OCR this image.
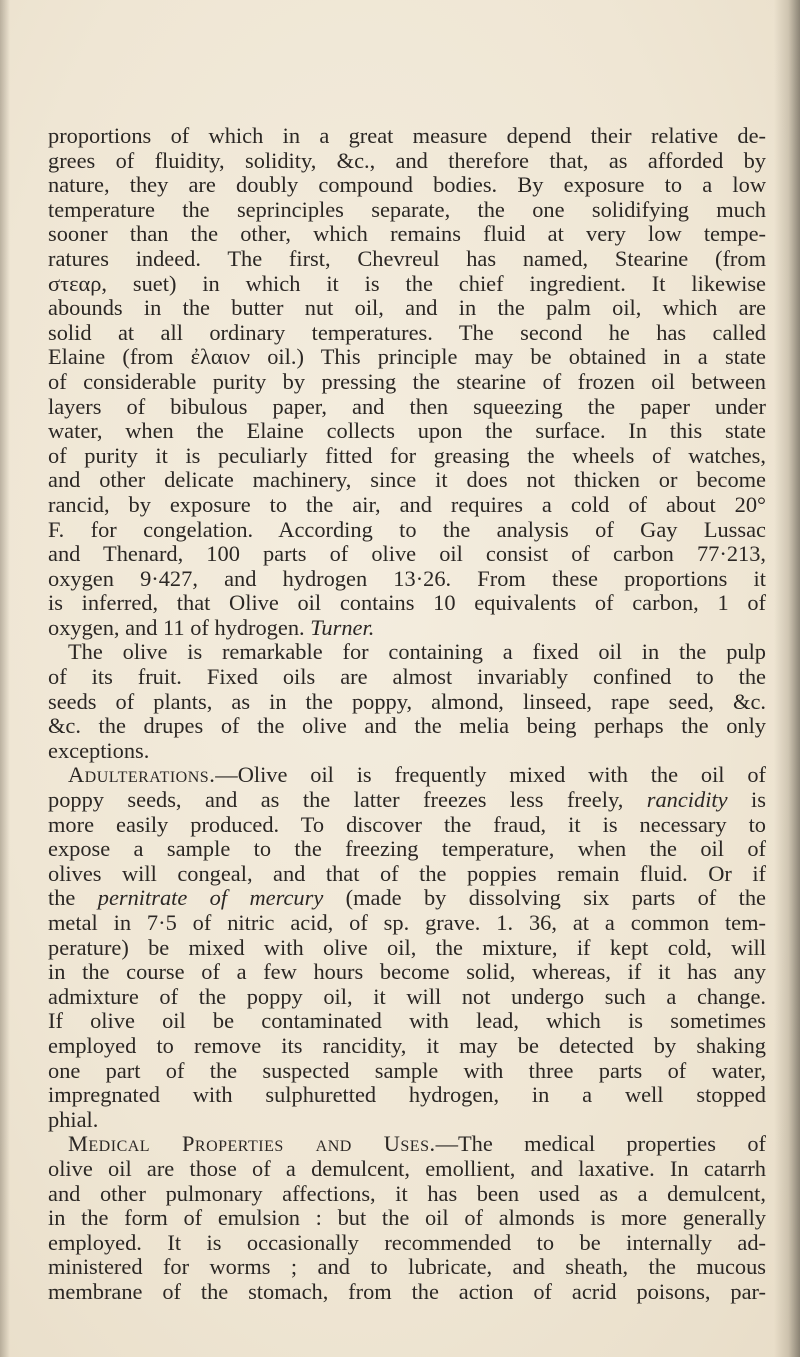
proportions of which in a great measure depend their relative de-
grees of fluidity, solidity, &c., and therefore that, as afforded by
nature, they are doubly compound bodies. By exposure to a low
temperature the seprinciples separate, the one solidifying much
sooner than the other, which remains fluid at very low tempe-
ratures indeed. The first, Chevreul has named, Stearine (from
στεαρ, suet) in which it is the chief ingredient. It likewise
abounds in the butter nut oil, and in the palm oil, which are
solid at all ordinary temperatures. The second he has called
Elaine (from ἐλαιον oil.) This principle may be obtained in a state
of considerable purity by pressing the stearine of frozen oil between
layers of bibulous paper, and then squeezing the paper under
water, when the Elaine collects upon the surface. In this state
of purity it is peculiarly fitted for greasing the wheels of watches,
and other delicate machinery, since it does not thicken or become
rancid, by exposure to the air, and requires a cold of about 20°
F. for congelation. According to the analysis of Gay Lussac
and Thenard, 100 parts of olive oil consist of carbon 77·213,
oxygen 9·427, and hydrogen 13·26. From these proportions it
is inferred, that Olive oil contains 10 equivalents of carbon, 1 of
oxygen, and 11 of hydrogen. Turner.
The olive is remarkable for containing a fixed oil in the pulp
of its fruit. Fixed oils are almost invariably confined to the
seeds of plants, as in the poppy, almond, linseed, rape seed, &c.
&c. the drupes of the olive and the melia being perhaps the only
exceptions.
Adulterations.—Olive oil is frequently mixed with the oil of
poppy seeds, and as the latter freezes less freely, rancidity is
more easily produced. To discover the fraud, it is necessary to
expose a sample to the freezing temperature, when the oil of
olives will congeal, and that of the poppies remain fluid. Or if
the pernitrate of mercury (made by dissolving six parts of the
metal in 7·5 of nitric acid, of sp. grave. 1. 36, at a common tem-
perature) be mixed with olive oil, the mixture, if kept cold, will
in the course of a few hours become solid, whereas, if it has any
admixture of the poppy oil, it will not undergo such a change.
If olive oil be contaminated with lead, which is sometimes
employed to remove its rancidity, it may be detected by shaking
one part of the suspected sample with three parts of water,
impregnated with sulphuretted hydrogen, in a well stopped
phial.
Medical Properties and Uses.—The medical properties of
olive oil are those of a demulcent, emollient, and laxative. In catarrh
and other pulmonary affections, it has been used as a demulcent,
in the form of emulsion : but the oil of almonds is more generally
employed. It is occasionally recommended to be internally ad-
ministered for worms ; and to lubricate, and sheath, the mucous
membrane of the stomach, from the action of acrid poisons, par-
